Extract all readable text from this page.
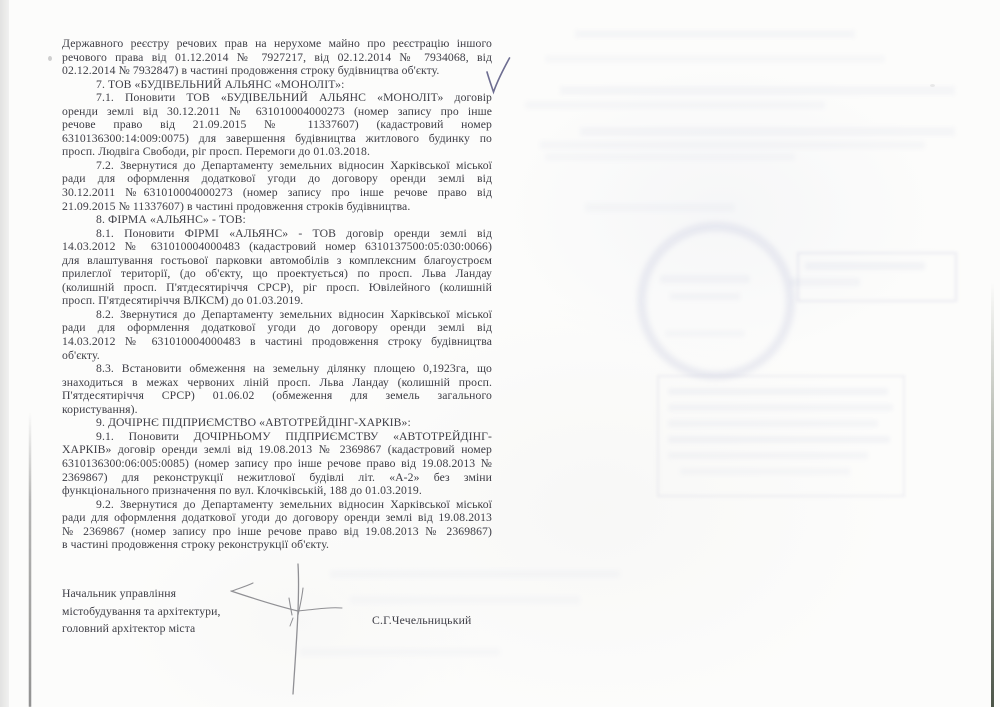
Державного реєстру речових прав на нерухоме майно про реєстрацію іншого
речового права від 01.12.2014 № 7927217, від 02.12.2014 № 7934068, від
02.12.2014 № 7932847) в частині продовження строку будівництва об'єкту.
7. ТОВ «БУДІВЕЛЬНИЙ АЛЬЯНС «МОНОЛІТ»:
7.1. Поновити ТОВ «БУДІВЕЛЬНИЙ АЛЬЯНС «МОНОЛІТ» договір
оренди землі від 30.12.2011 № 631010004000273 (номер запису про інше
речове право від 21.09.2015 № 11337607) (кадастровий номер
6310136300:14:009:0075) для завершення будівництва житлового будинку по
просп. Людвіга Свободи, ріг просп. Перемоги до 01.03.2018.
7.2. Звернутися до Департаменту земельних відносин Харківської міської
ради для оформлення додаткової угоди до договору оренди землі від
30.12.2011 №631010004000273 (номер запису про інше речове право від
21.09.2015 № 11337607) в частині продовження строків будівництва.
8. ФІРМА «АЛЬЯНС» - ТОВ:
8.1. Поновити ФІРМІ «АЛЬЯНС» - ТОВ договір оренди землі від
14.03.2012 № 631010004000483 (кадастровий номер 6310137500:05:030:0066)
для влаштування гостьової парковки автомобілів з комплексним благоустроєм
прилеглої території, (до об'єкту, що проектується) по просп. Льва Ландау
(колишній просп. П'ятдесятиріччя СРСР), ріг просп. Ювілейного (колишній
просп. П'ятдесятиріччя ВЛКСМ) до 01.03.2019.
8.2. Звернутися до Департаменту земельних відносин Харківської міської
ради для оформлення додаткової угоди до договору оренди землі від
14.03.2012 № 631010004000483 в частині продовження строку будівництва
об'єкту.
8.3. Встановити обмеження на земельну ділянку площею 0,1923га, що
знаходиться в межах червоних ліній просп. Льва Ландау (колишній просп.
П'ятдесятиріччя СРСР) 01.06.02 (обмеження для земель загального
користування).
9. ДОЧІРНЄ ПІДПРИЄМСТВО «АВТОТРЕЙДІНГ-ХАРКІВ»:
9.1. Поновити ДОЧІРНЬОМУ ПІДПРИЄМСТВУ «АВТОТРЕЙДІНГ-
ХАРКІВ» договір оренди землі від 19.08.2013 № 2369867 (кадастровий номер
6310136300:06:005:0085) (номер запису про інше речове право від 19.08.2013 №
2369867) для реконструкції нежитлової будівлі літ. «А-2» без зміни
функціонального призначення по вул. Клочківській, 188 до 01.03.2019.
9.2. Звернутися до Департаменту земельних відносин Харківської міської
ради для оформлення додаткової угоди до договору оренди землі від 19.08.2013
№ 2369867 (номер запису про інше речове право від 19.08.2013 № 2369867)
в частині продовження строку реконструкції об'єкту.
Начальник управління
містобудування та архітектури,
головний архітектор міста
С.Г.Чечельницький
